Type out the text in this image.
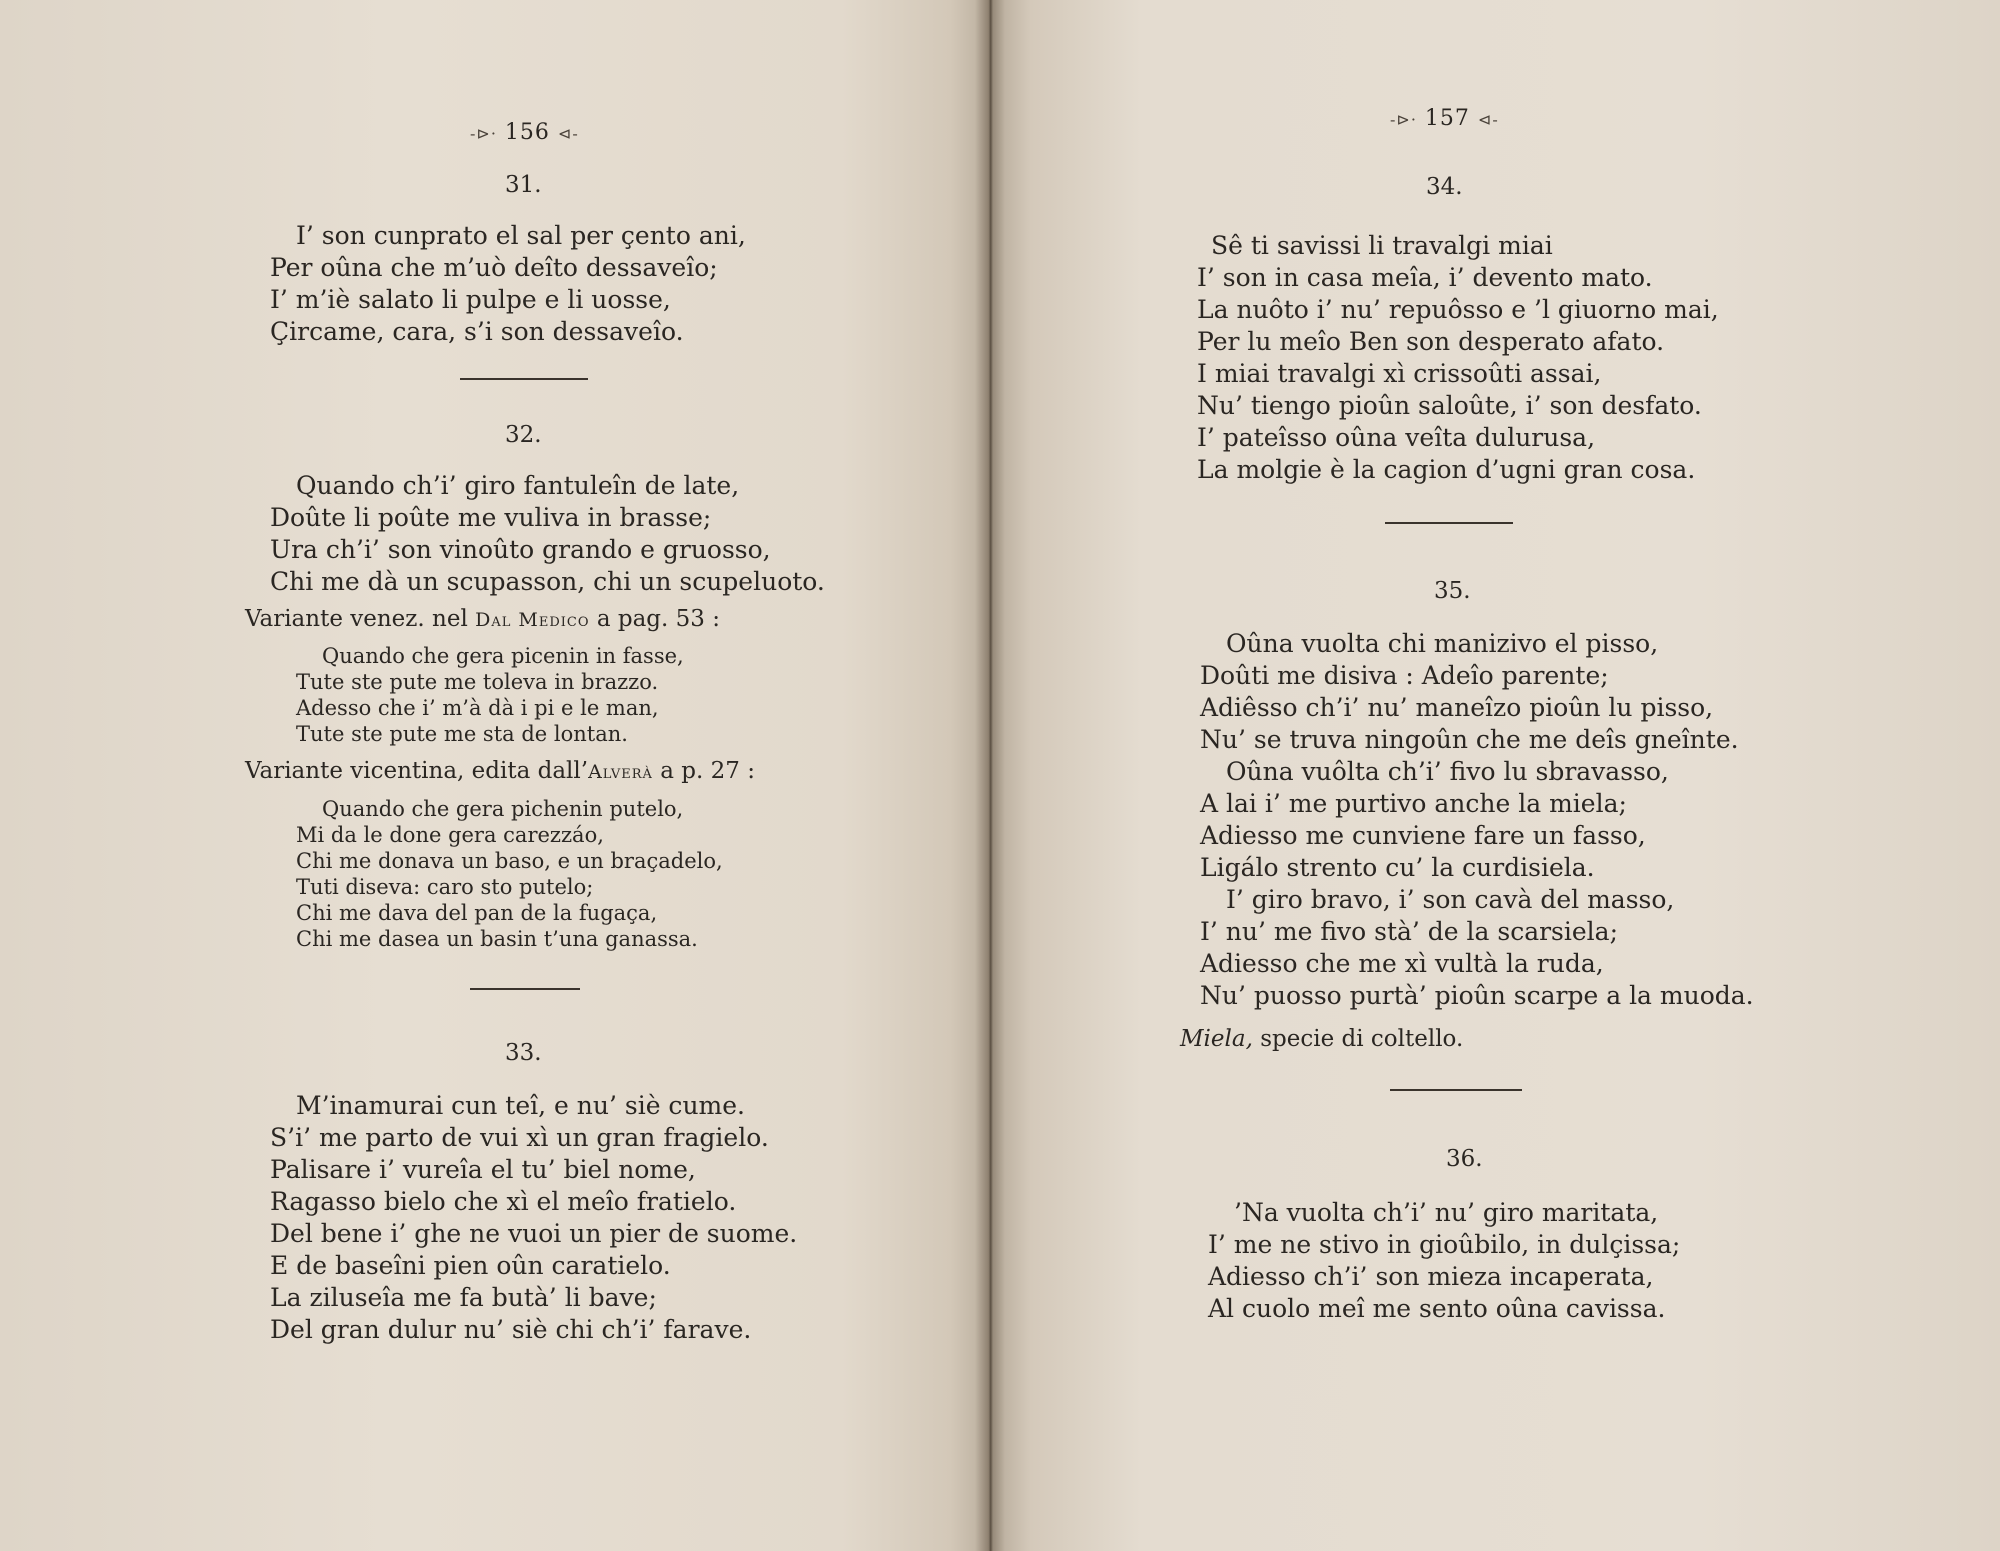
-⊳· 156 ⊲-
31.
I’ son cunprato el sal per çento ani,
Per oûna che m’uò deîto dessaveîo;
I’ m’iè salato li pulpe e li uosse,
Çircame, cara, s’i son dessaveîo.
32.
Quando ch’i’ giro fantuleîn de late,
Doûte li poûte me vuliva in brasse;
Ura ch’i’ son vinoûto grando e gruosso,
Chi me dà un scupasson, chi un scupeluoto.
Variante venez. nel Dal Medico a pag. 53 :
Quando che gera picenin in fasse,
Tute ste pute me toleva in brazzo.
Adesso che i’ m’à dà i pi e le man,
Tute ste pute me sta de lontan.
Variante vicentina, edita dall’Alverà a p. 27 :
Quando che gera pichenin putelo,
Mi da le done gera carezzáo,
Chi me donava un baso, e un braçadelo,
Tuti diseva: caro sto putelo;
Chi me dava del pan de la fugaça,
Chi me dasea un basin t’una ganassa.
33.
M’inamurai cun teî, e nu’ siè cume.
S’i’ me parto de vui xì un gran fragielo.
Palisare i’ vureîa el tu’ biel nome,
Ragasso bielo che xì el meîo fratielo.
Del bene i’ ghe ne vuoi un pier de suome.
E de baseîni pien oûn caratielo.
La ziluseîa me fa butà’ li bave;
Del gran dulur nu’ siè chi ch’i’ farave.
-⊳· 157 ⊲-
34.
Sê ti savissi li travalgi miai
I’ son in casa meîa, i’ devento mato.
La nuôto i’ nu’ repuôsso e ’l giuorno mai,
Per lu meîo Ben son desperato afato.
I miai travalgi xì crissoûti assai,
Nu’ tiengo pioûn saloûte, i’ son desfato.
I’ pateîsso oûna veîta dulurusa,
La molgie è la cagion d’ugni gran cosa.
35.
Oûna vuolta chi manizivo el pisso,
Doûti me disiva : Adeîo parente;
Adiêsso ch’i’ nu’ maneîzo pioûn lu pisso,
Nu’ se truva ningoûn che me deîs gneînte.
Oûna vuôlta ch’i’ fivo lu sbravasso,
A lai i’ me purtivo anche la miela;
Adiesso me cunviene fare un fasso,
Ligálo strento cu’ la curdisiela.
I’ giro bravo, i’ son cavà del masso,
I’ nu’ me fivo stà’ de la scarsiela;
Adiesso che me xì vultà la ruda,
Nu’ puosso purtà’ pioûn scarpe a la muoda.
Miela, specie di coltello.
36.
’Na vuolta ch’i’ nu’ giro maritata,
I’ me ne stivo in gioûbilo, in dulçissa;
Adiesso ch’i’ son mieza incaperata,
Al cuolo meî me sento oûna cavissa.
